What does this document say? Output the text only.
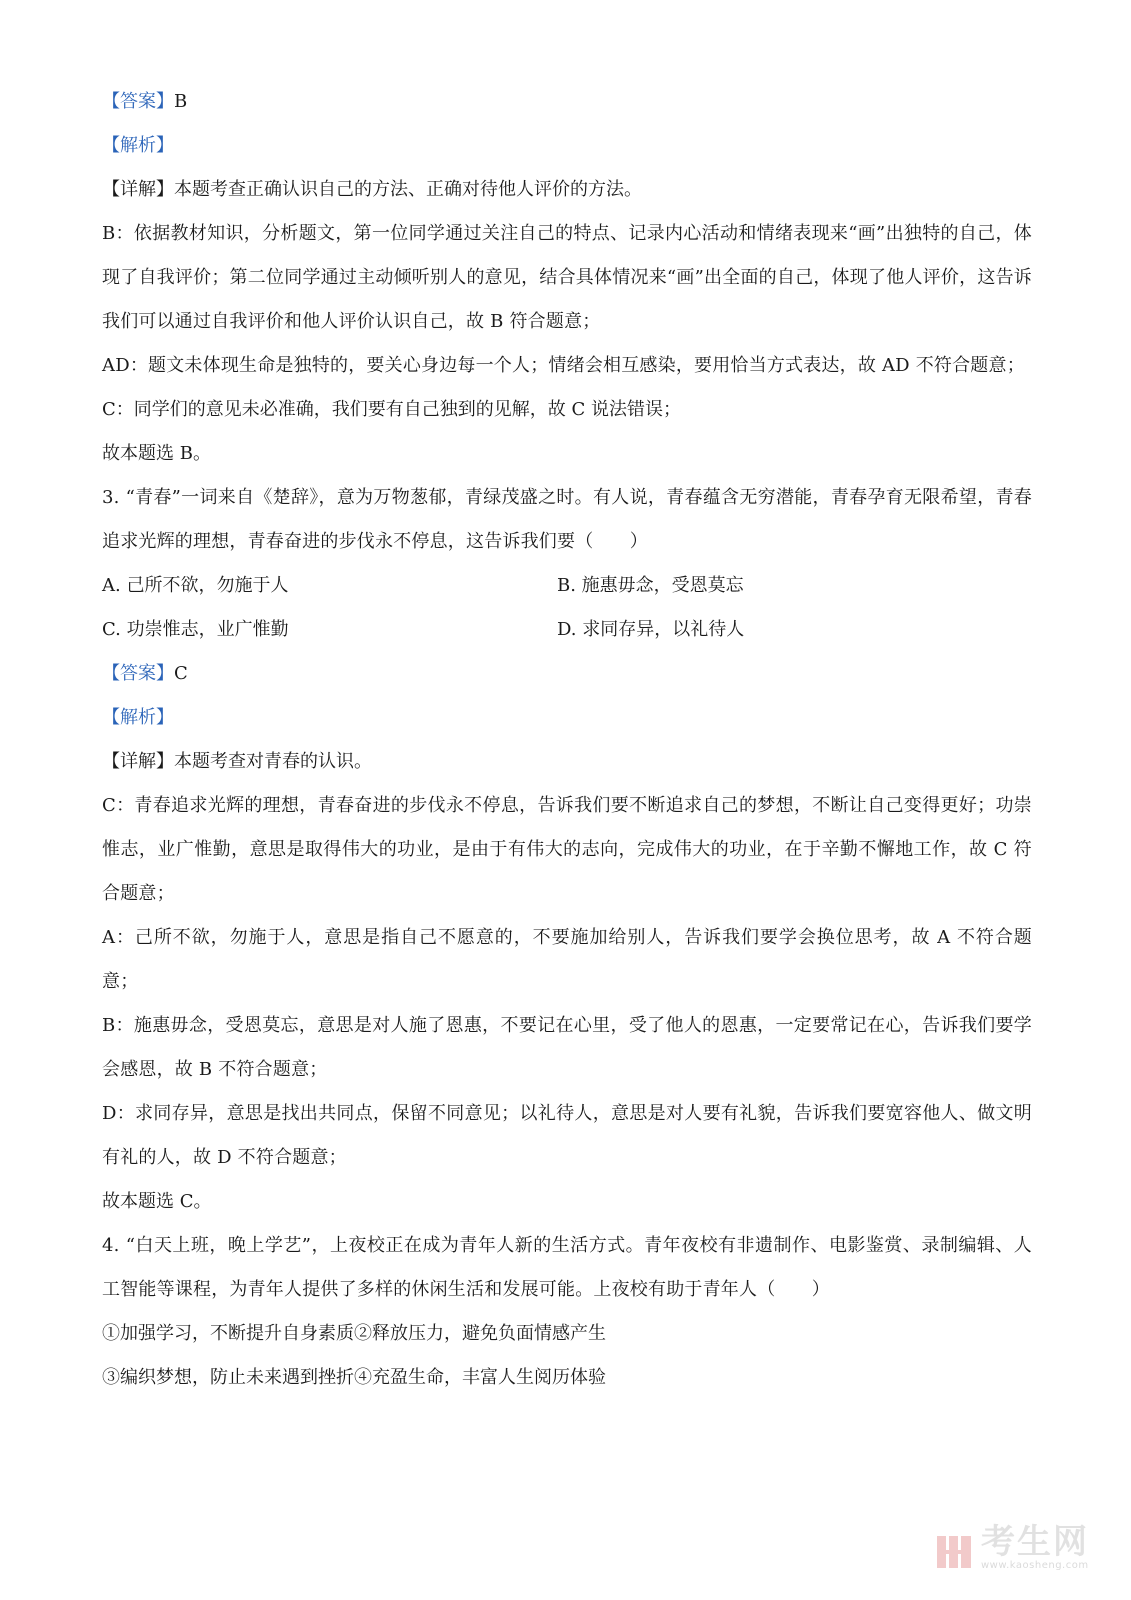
【答案】B
【解析】
【详解】本题考查正确认识自己的方法、正确对待他人评价的方法。
B：依据教材知识，分析题文，第一位同学通过关注自己的特点、记录内心活动和情绪表现来“画”出独特的自己，体现了自我评价；第二位同学通过主动倾听别人的意见，结合具体情况来“画”出全面的自己，体现了他人评价，这告诉我们可以通过自我评价和他人评价认识自己，故 B 符合题意；
AD：题文未体现生命是独特的，要关心身边每一个人；情绪会相互感染，要用恰当方式表达，故 AD 不符合题意；
C：同学们的意见未必准确，我们要有自己独到的见解，故 C 说法错误；
故本题选 B。
3. “青春”一词来自《楚辞》，意为万物葱郁，青绿茂盛之时。有人说，青春蕴含无穷潜能，青春孕育无限希望，青春追求光辉的理想，青春奋进的步伐永不停息，这告诉我们要（　　）
A. 己所不欲，勿施于人	B. 施惠毋念，受恩莫忘
C. 功崇惟志，业广惟勤	D. 求同存异，以礼待人
【答案】C
【解析】
【详解】本题考查对青春的认识。
C：青春追求光辉的理想，青春奋进的步伐永不停息，告诉我们要不断追求自己的梦想，不断让自己变得更好；功崇惟志，业广惟勤，意思是取得伟大的功业，是由于有伟大的志向，完成伟大的功业，在于辛勤不懈地工作，故 C 符合题意；
A：己所不欲，勿施于人，意思是指自己不愿意的，不要施加给别人，告诉我们要学会换位思考，故 A 不符合题意；
B：施惠毋念，受恩莫忘，意思是对人施了恩惠，不要记在心里，受了他人的恩惠，一定要常记在心，告诉我们要学会感恩，故 B 不符合题意；
D：求同存异，意思是找出共同点，保留不同意见；以礼待人，意思是对人要有礼貌，告诉我们要宽容他人、做文明有礼的人，故 D 不符合题意；
故本题选 C。
4. “白天上班，晚上学艺”，上夜校正在成为青年人新的生活方式。青年夜校有非遗制作、电影鉴赏、录制编辑、人工智能等课程，为青年人提供了多样的休闲生活和发展可能。上夜校有助于青年人（　　）
①加强学习，不断提升自身素质②释放压力，避免负面情感产生
③编织梦想，防止未来遇到挫折④充盈生命，丰富人生阅历体验
考生网
www.kaosheng.com
